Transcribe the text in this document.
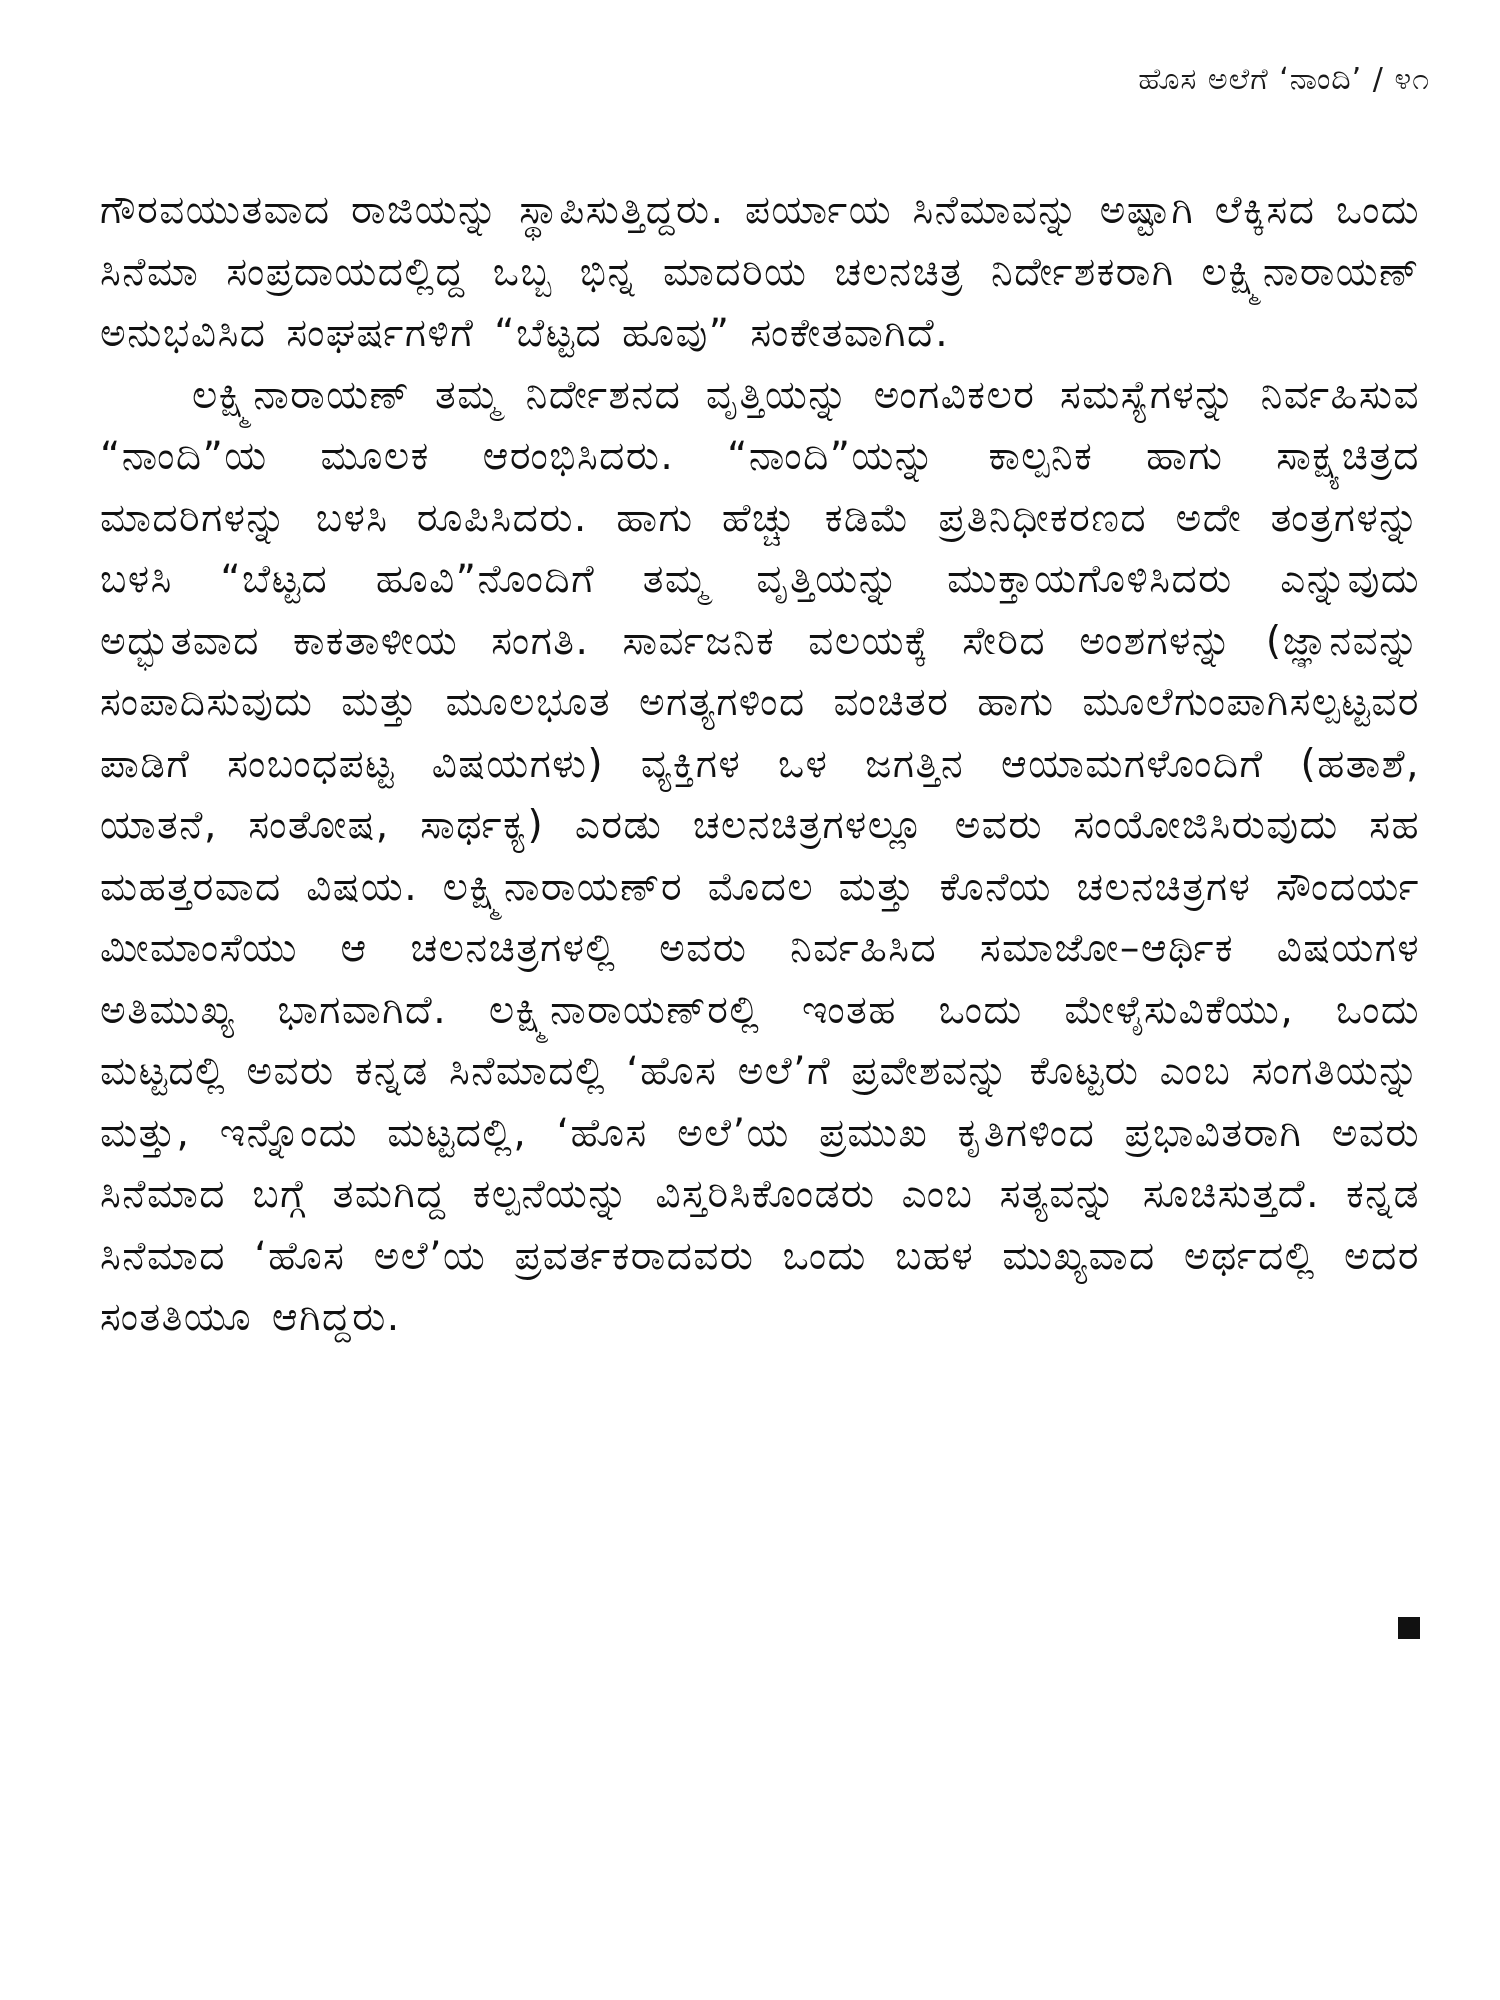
ಹೊಸ ಅಲೆಗೆ ‘ನಾಂದಿ’ / ೪೧

ಗೌರವಯುತವಾದ ರಾಜಿಯನ್ನು ಸ್ಥಾಪಿಸುತ್ತಿದ್ದರು. ಪರ್ಯಾಯ ಸಿನೆಮಾವನ್ನು ಅಷ್ಟಾಗಿ ಲೆಕ್ಕಿಸದ ಒಂದು ಸಿನೆಮಾ ಸಂಪ್ರದಾಯದಲ್ಲಿದ್ದ ಒಬ್ಬ ಭಿನ್ನ ಮಾದರಿಯ ಚಲನಚಿತ್ರ ನಿರ್ದೇಶಕರಾಗಿ ಲಕ್ಷ್ಮಿನಾರಾಯಣ್ ಅನುಭವಿಸಿದ ಸಂಘರ್ಷಗಳಿಗೆ “ಬೆಟ್ಟದ ಹೂವು” ಸಂಕೇತವಾಗಿದೆ.

ಲಕ್ಷ್ಮಿನಾರಾಯಣ್ ತಮ್ಮ ನಿರ್ದೇಶನದ ವೃತ್ತಿಯನ್ನು ಅಂಗವಿಕಲರ ಸಮಸ್ಯೆಗಳನ್ನು ನಿರ್ವಹಿಸುವ “ನಾಂದಿ”ಯ ಮೂಲಕ ಆರಂಭಿಸಿದರು. “ನಾಂದಿ”ಯನ್ನು ಕಾಲ್ಪನಿಕ ಹಾಗು ಸಾಕ್ಷ್ಯಚಿತ್ರದ ಮಾದರಿಗಳನ್ನು ಬಳಸಿ ರೂಪಿಸಿದರು. ಹಾಗು ಹೆಚ್ಚು ಕಡಿಮೆ ಪ್ರತಿನಿಧೀಕರಣದ ಅದೇ ತಂತ್ರಗಳನ್ನು ಬಳಸಿ “ಬೆಟ್ಟದ ಹೂವಿ”ನೊಂದಿಗೆ ತಮ್ಮ ವೃತ್ತಿಯನ್ನು ಮುಕ್ತಾಯಗೊಳಿಸಿದರು ಎನ್ನುವುದು ಅದ್ಭುತವಾದ ಕಾಕತಾಳೀಯ ಸಂಗತಿ. ಸಾರ್ವಜನಿಕ ವಲಯಕ್ಕೆ ಸೇರಿದ ಅಂಶಗಳನ್ನು (ಜ್ಞಾನವನ್ನು ಸಂಪಾದಿಸುವುದು ಮತ್ತು ಮೂಲಭೂತ ಅಗತ್ಯಗಳಿಂದ ವಂಚಿತರ ಹಾಗು ಮೂಲೆಗುಂಪಾಗಿಸಲ್ಪಟ್ಟವರ ಪಾಡಿಗೆ ಸಂಬಂಧಪಟ್ಟ ವಿಷಯಗಳು) ವ್ಯಕ್ತಿಗಳ ಒಳ ಜಗತ್ತಿನ ಆಯಾಮಗಳೊಂದಿಗೆ (ಹತಾಶೆ, ಯಾತನೆ, ಸಂತೋಷ, ಸಾರ್ಥಕ್ಯ) ಎರಡು ಚಲನಚಿತ್ರಗಳಲ್ಲೂ ಅವರು ಸಂಯೋಜಿಸಿರುವುದು ಸಹ ಮಹತ್ತರವಾದ ವಿಷಯ. ಲಕ್ಷ್ಮಿನಾರಾಯಣ್‌ರ ಮೊದಲ ಮತ್ತು ಕೊನೆಯ ಚಲನಚಿತ್ರಗಳ ಸೌಂದರ್ಯ ಮೀಮಾಂಸೆಯು ಆ ಚಲನಚಿತ್ರಗಳಲ್ಲಿ ಅವರು ನಿರ್ವಹಿಸಿದ ಸಮಾಜೋ–ಆರ್ಥಿಕ ವಿಷಯಗಳ ಅತಿಮುಖ್ಯ ಭಾಗವಾಗಿದೆ. ಲಕ್ಷ್ಮಿನಾರಾಯಣ್‌ರಲ್ಲಿ ಇಂತಹ ಒಂದು ಮೇಳೈಸುವಿಕೆಯು, ಒಂದು ಮಟ್ಟದಲ್ಲಿ ಅವರು ಕನ್ನಡ ಸಿನೆಮಾದಲ್ಲಿ ‘ಹೊಸ ಅಲೆ’ಗೆ ಪ್ರವೇಶವನ್ನು ಕೊಟ್ಟರು ಎಂಬ ಸಂಗತಿಯನ್ನು ಮತ್ತು, ಇನ್ನೊಂದು ಮಟ್ಟದಲ್ಲಿ, ‘ಹೊಸ ಅಲೆ’ಯ ಪ್ರಮುಖ ಕೃತಿಗಳಿಂದ ಪ್ರಭಾವಿತರಾಗಿ ಅವರು ಸಿನೆಮಾದ ಬಗ್ಗೆ ತಮಗಿದ್ದ ಕಲ್ಪನೆಯನ್ನು ವಿಸ್ತರಿಸಿಕೊಂಡರು ಎಂಬ ಸತ್ಯವನ್ನು ಸೂಚಿಸುತ್ತದೆ. ಕನ್ನಡ ಸಿನೆಮಾದ ‘ಹೊಸ ಅಲೆ’ಯ ಪ್ರವರ್ತಕರಾದವರು ಒಂದು ಬಹಳ ಮುಖ್ಯವಾದ ಅರ್ಥದಲ್ಲಿ ಅದರ ಸಂತತಿಯೂ ಆಗಿದ್ದರು.
